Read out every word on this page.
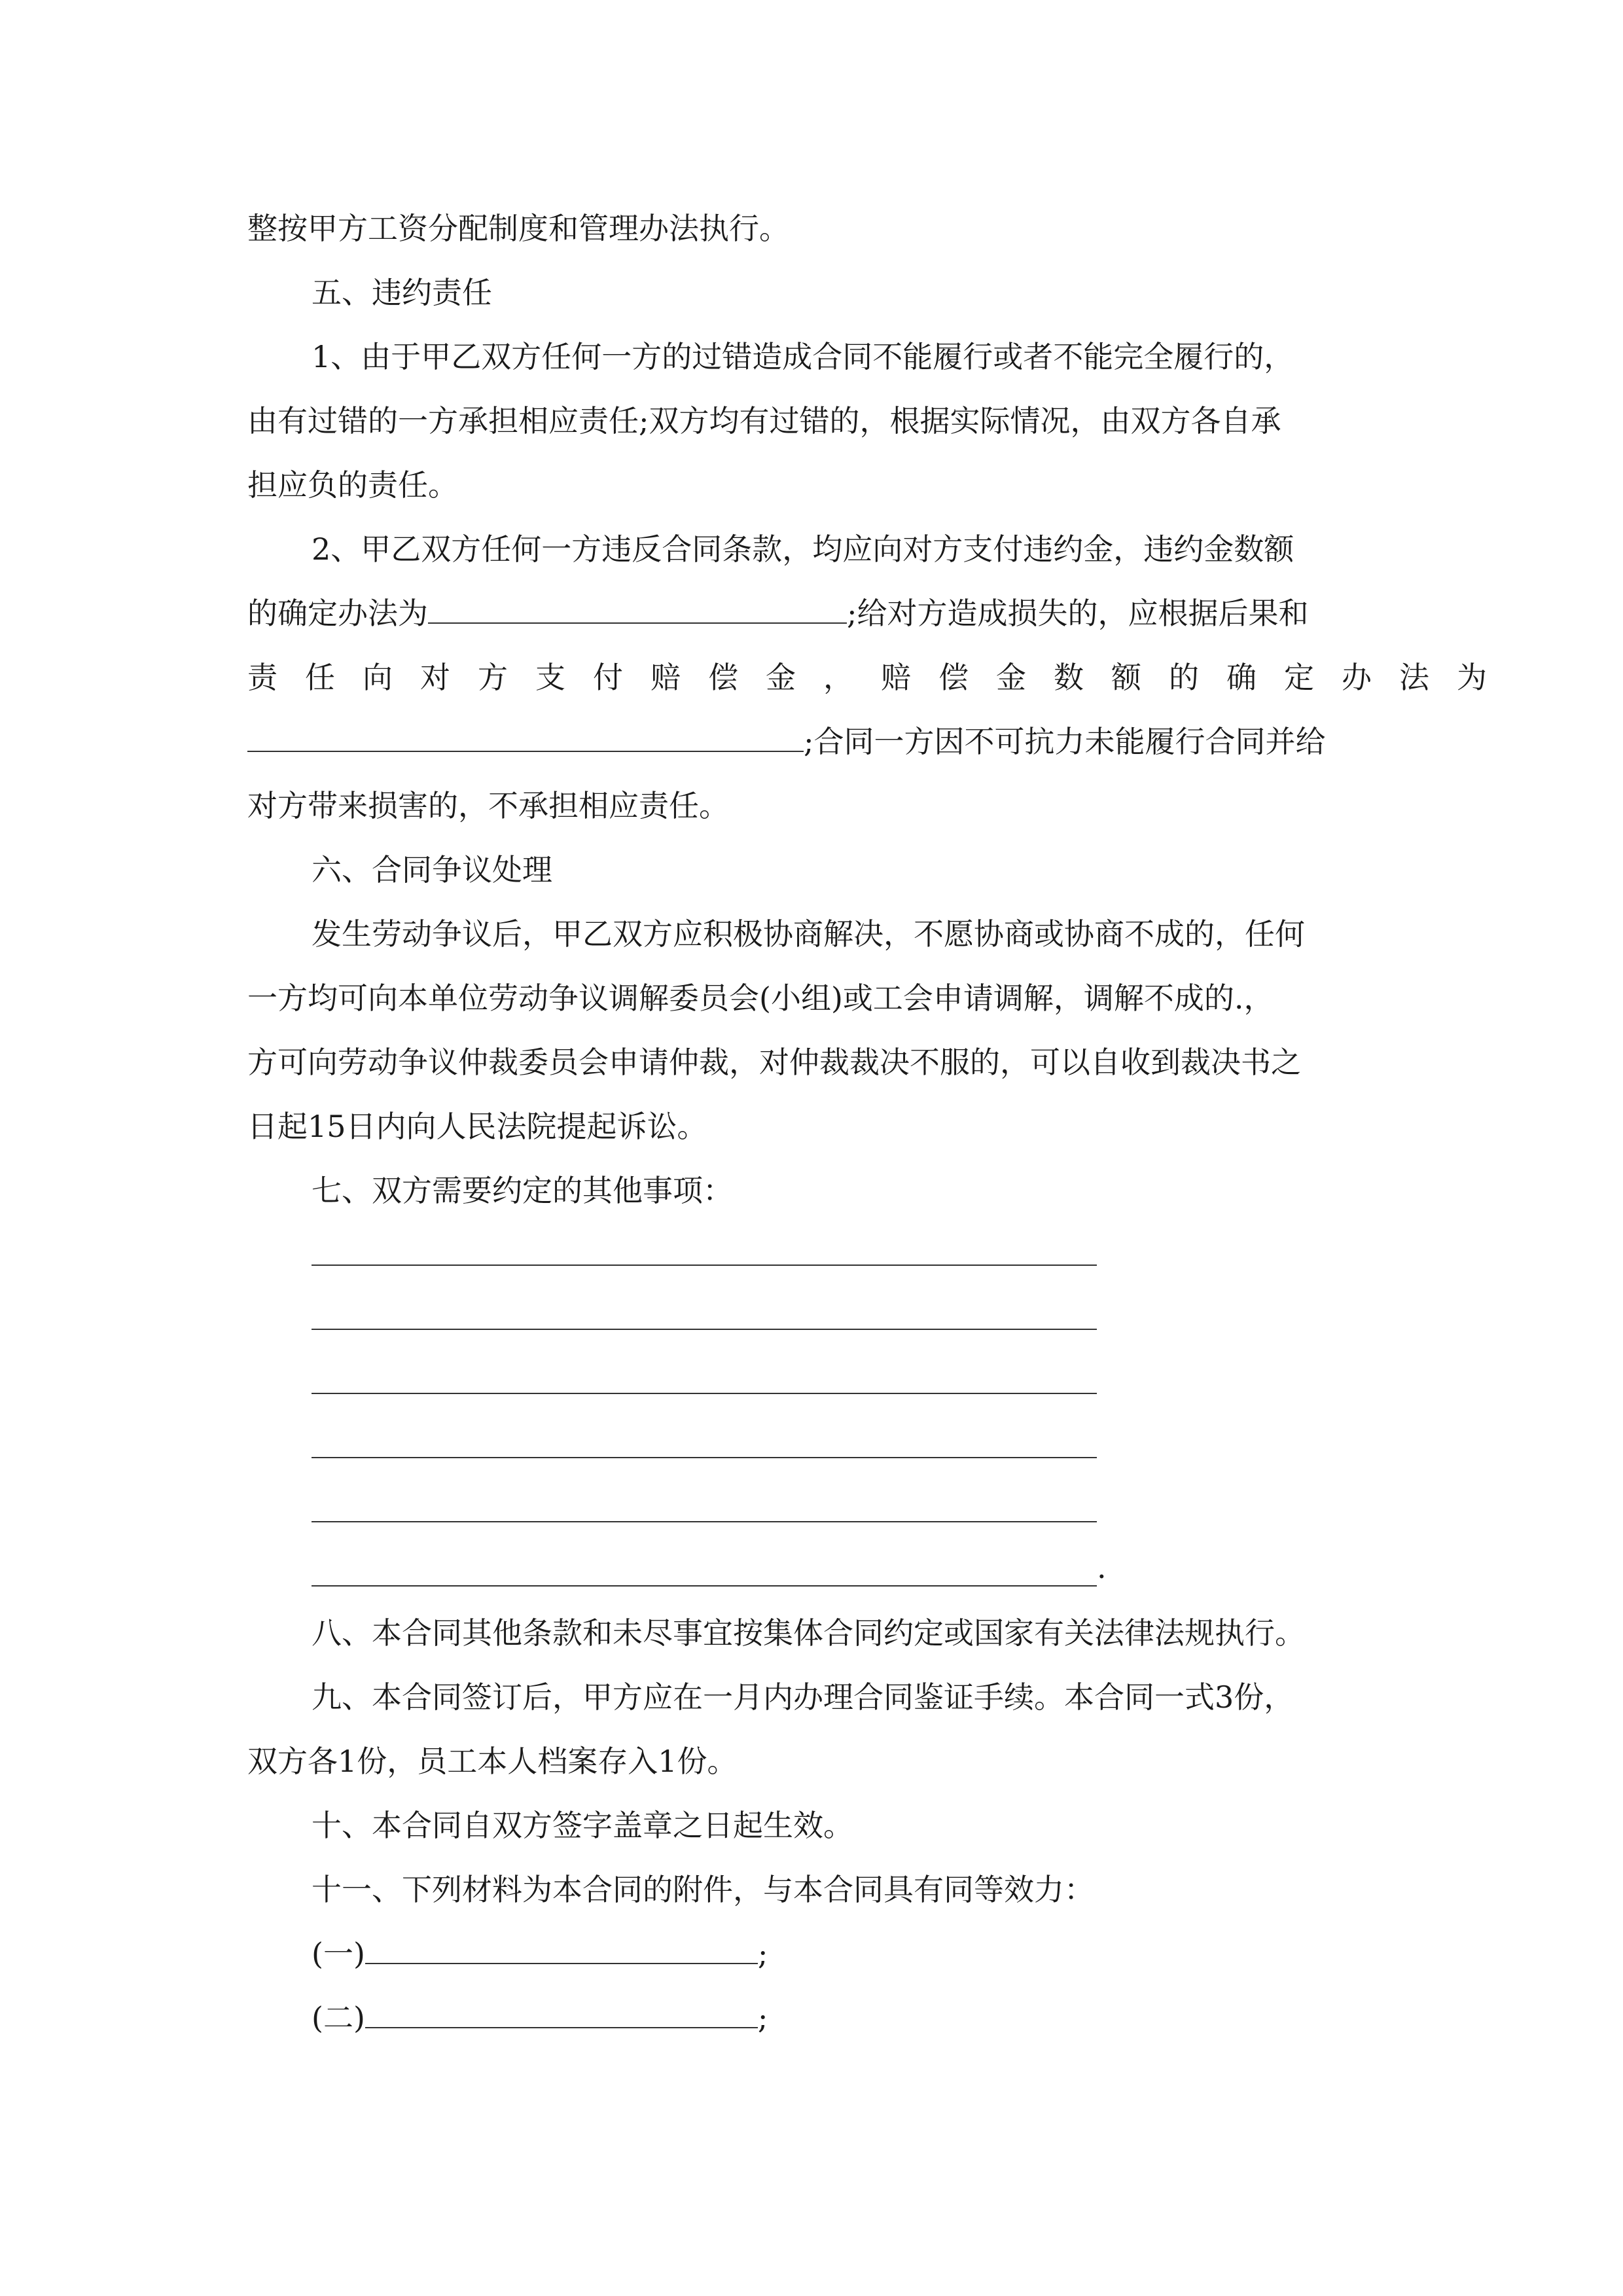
整按甲方工资分配制度和管理办法执行。
五、违约责任
1、由于甲乙双方任何一方的过错造成合同不能履行或者不能完全履行的，
由有过错的一方承担相应责任;双方均有过错的，根据实际情况，由双方各自承
担应负的责任。
2、甲乙双方任何一方违反合同条款，均应向对方支付违约金，违约金数额
的确定办法为	;给对方造成损失的，应根据后果和
责任向对方支付赔偿金，赔偿金数额的确定办法为
;合同一方因不可抗力未能履行合同并给
对方带来损害的，不承担相应责任。
六、合同争议处理
发生劳动争议后，甲乙双方应积极协商解决，不愿协商或协商不成的，任何
一方均可向本单位劳动争议调解委员会(小组)或工会申请调解，调解不成的.，
方可向劳动争议仲裁委员会申请仲裁，对仲裁裁决不服的，可以自收到裁决书之
日起15日内向人民法院提起诉讼。
七、双方需要约定的其他事项：
.
八、本合同其他条款和未尽事宜按集体合同约定或国家有关法律法规执行。
九、本合同签订后，甲方应在一月内办理合同鉴证手续。本合同一式3份，
双方各1份，员工本人档案存入1份。
十、本合同自双方签字盖章之日起生效。
十一、下列材料为本合同的附件，与本合同具有同等效力：
(一)	;
(二)	;
